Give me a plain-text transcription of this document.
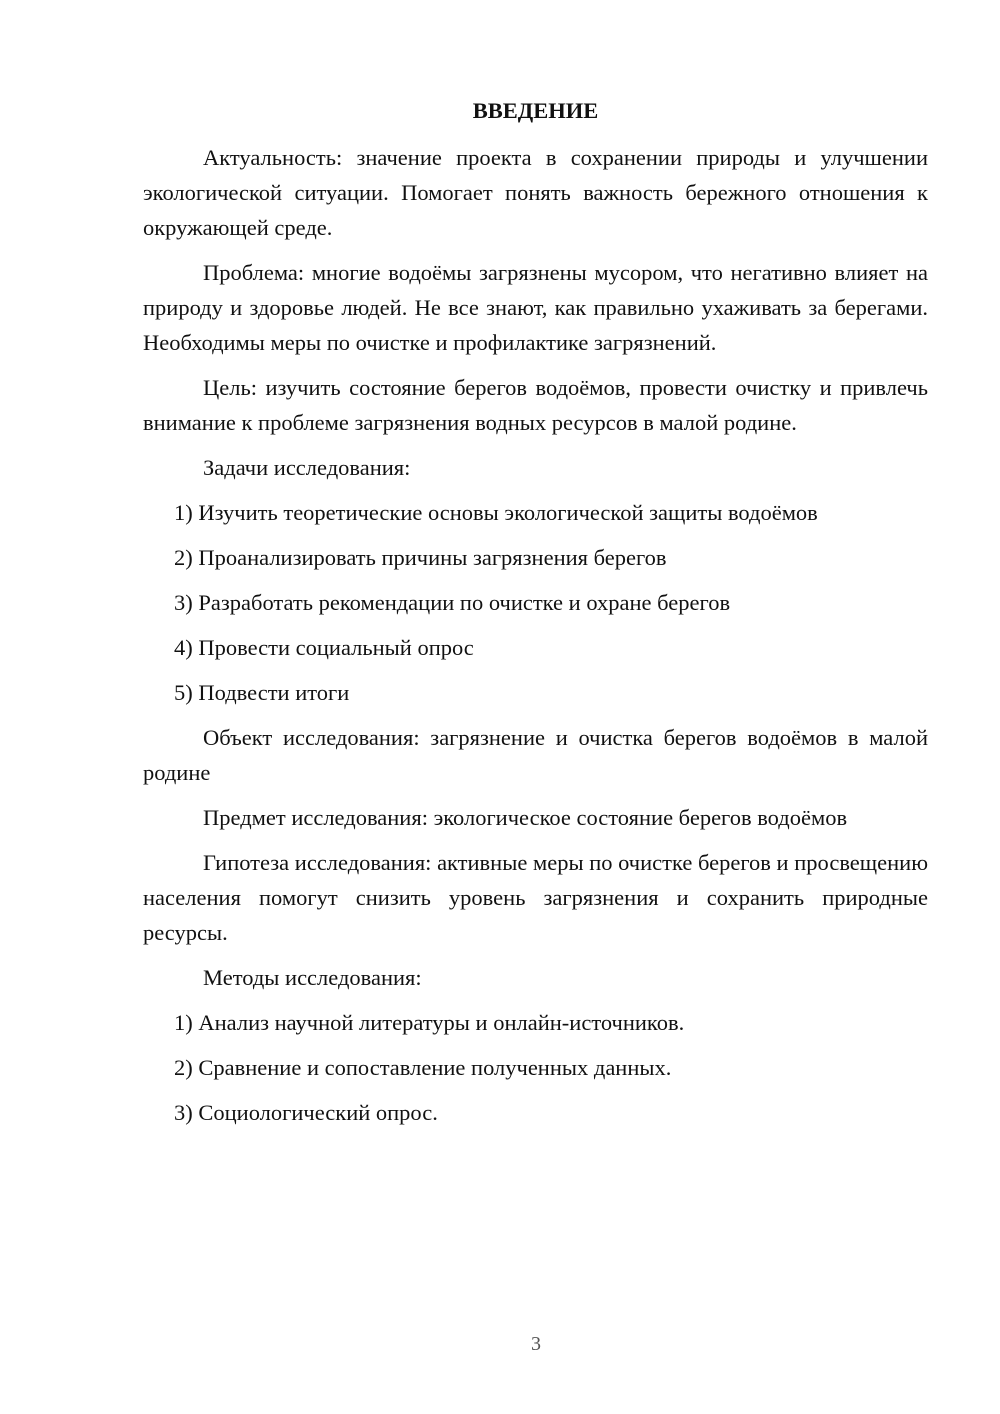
ВВЕДЕНИЕ

Актуальность: значение проекта в сохранении природы и улучшении экологической ситуации. Помогает понять важность бережного отношения к окружающей среде.

Проблема: многие водоёмы загрязнены мусором, что негативно влияет на природу и здоровье людей. Не все знают, как правильно ухаживать за берегами. Необходимы меры по очистке и профилактике загрязнений.

Цель: изучить состояние берегов водоёмов, провести очистку и привлечь внимание к проблеме загрязнения водных ресурсов в малой родине.

Задачи исследования:

1) Изучить теоретические основы экологической защиты водоёмов
2) Проанализировать причины загрязнения берегов
3) Разработать рекомендации по очистке и охране берегов
4) Провести социальный опрос
5) Подвести итоги

Объект исследования: загрязнение и очистка берегов водоёмов в малой родине

Предмет исследования: экологическое состояние берегов водоёмов

Гипотеза исследования: активные меры по очистке берегов и просвещению населения помогут снизить уровень загрязнения и сохранить природные ресурсы.

Методы исследования:

1) Анализ научной литературы и онлайн-источников.
2) Сравнение и сопоставление полученных данных.
3) Социологический опрос.
3
